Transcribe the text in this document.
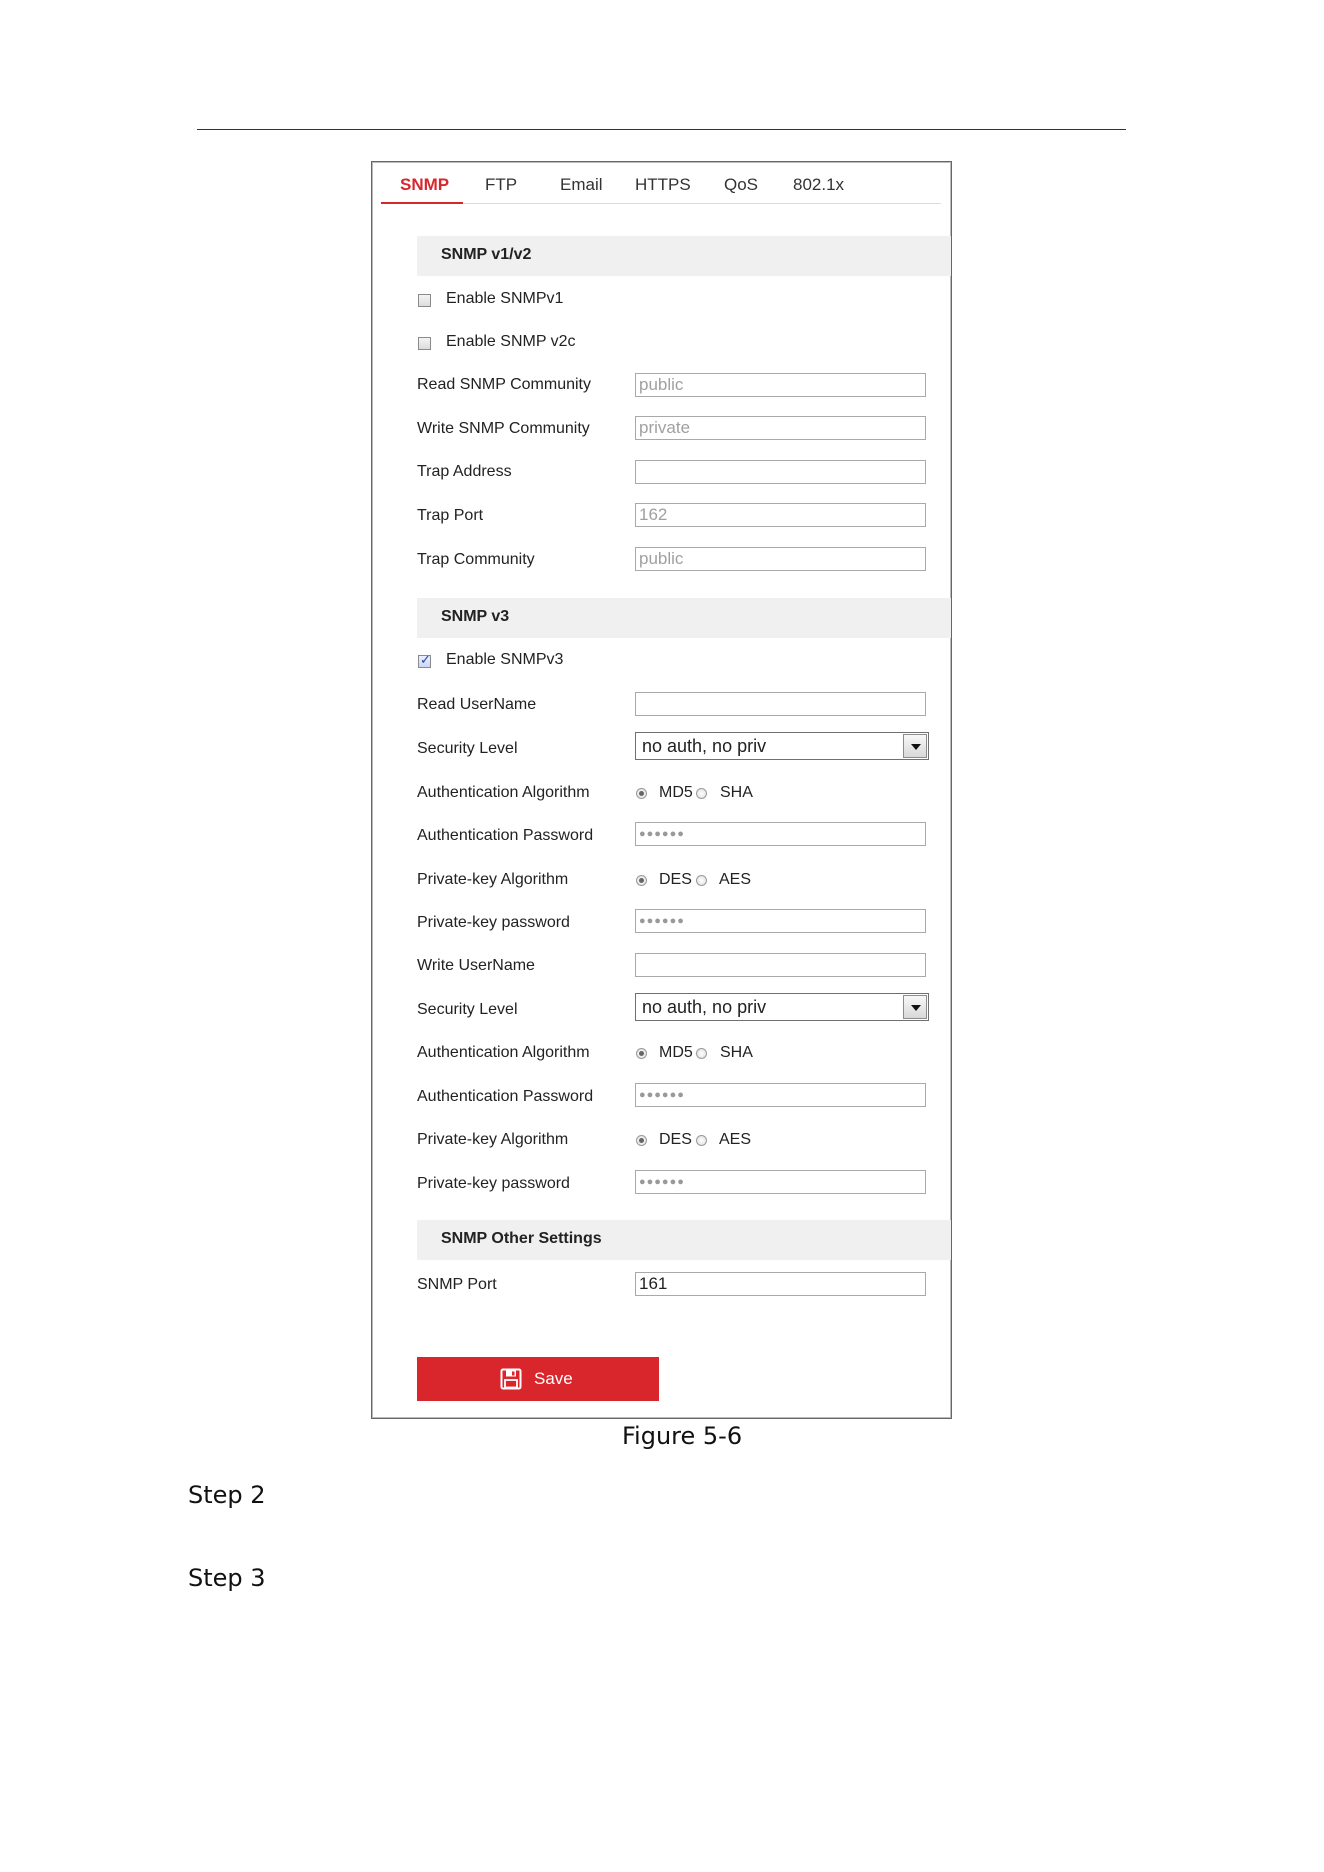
SNMP FTP	Email HTTPS QoS 802.1x
SNMP v1/v2
Enable SNMPv1
Enable SNMP v2c
Read SNMP Community	public
Write SNMP Community	private
Trap Address
Trap Port	162
Trap Community	public
SNMP v3
✓ Enable SNMPv3
Read UserName
Security Level	no auth, no priv
Authentication Algorithm	MD5 SHA
Authentication Password	●●●●●●
Private-key Algorithm	DES AES
Private-key password	●●●●●●
Write UserName
Security Level	no auth, no priv
Authentication Algorithm	MD5 SHA
Authentication Password	●●●●●●
Private-key Algorithm	DES AES
Private-key password	●●●●●●
SNMP Other Settings
SNMP Port	161
Save
Figure 5-6
Step 2
Step 3
